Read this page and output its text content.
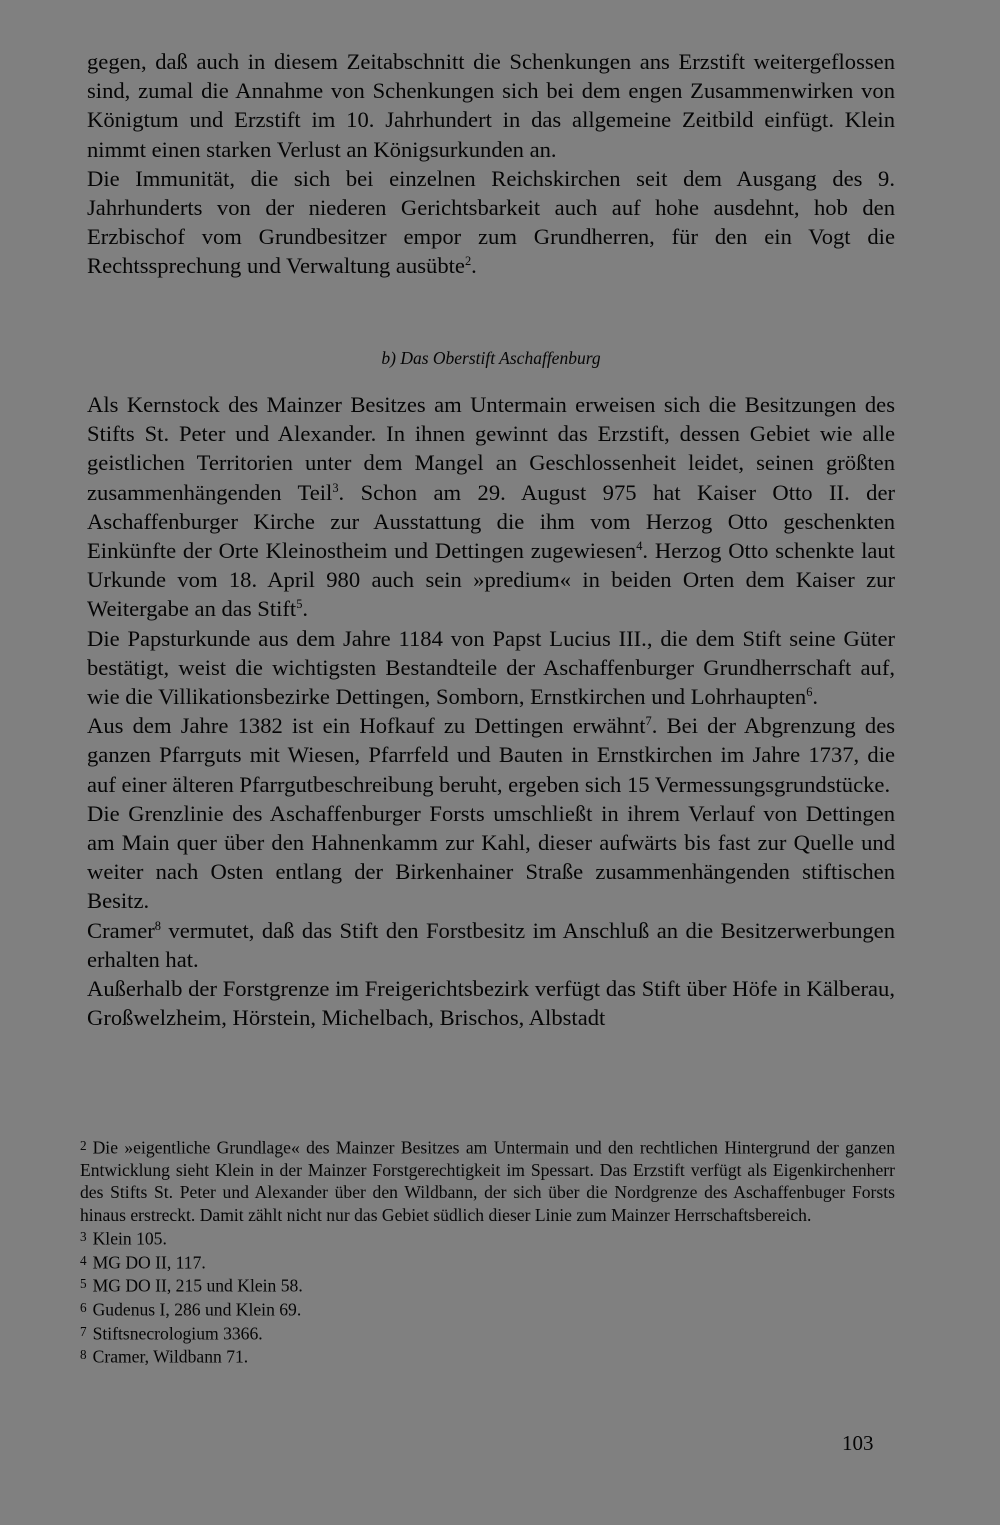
gegen, daß auch in diesem Zeitabschnitt die Schenkungen ans Erzstift weitergeflossen sind, zumal die Annahme von Schenkungen sich bei dem engen Zusammenwirken von Königtum und Erzstift im 10. Jahrhundert in das allgemeine Zeitbild einfügt. Klein nimmt einen starken Verlust an Königsurkunden an.

Die Immunität, die sich bei einzelnen Reichskirchen seit dem Ausgang des 9. Jahrhunderts von der niederen Gerichtsbarkeit auch auf hohe ausdehnt, hob den Erzbischof vom Grundbesitzer empor zum Grundherren, für den ein Vogt die Rechtssprechung und Verwaltung ausübte$^2$.

b) Das Oberstift Aschaffenburg

Als Kernstock des Mainzer Besitzes am Untermain erweisen sich die Besitzungen des Stifts St. Peter und Alexander. In ihnen gewinnt das Erzstift, dessen Gebiet wie alle geistlichen Territorien unter dem Mangel an Geschlossenheit leidet, seinen größten zusammenhängenden Teil$^3$. Schon am 29. August 975 hat Kaiser Otto II. der Aschaffenburger Kirche zur Ausstattung die ihm vom Herzog Otto geschenkten Einkünfte der Orte Kleinostheim und Dettingen zugewiesen$^4$. Herzog Otto schenkte laut Urkunde vom 18. April 980 auch sein »predium« in beiden Orten dem Kaiser zur Weitergabe an das Stift$^5$.

Die Papsturkunde aus dem Jahre 1184 von Papst Lucius III., die dem Stift seine Güter bestätigt, weist die wichtigsten Bestandteile der Aschaffenburger Grundherrschaft auf, wie die Villikationsbezirke Dettingen, Somborn, Ernstkirchen und Lohrhaupten$^6$.

Aus dem Jahre 1382 ist ein Hofkauf zu Dettingen erwähnt$^7$. Bei der Abgrenzung des ganzen Pfarrguts mit Wiesen, Pfarrfeld und Bauten in Ernstkirchen im Jahre 1737, die auf einer älteren Pfarrgutbeschreibung beruht, ergeben sich 15 Vermessungsgrundstücke.

Die Grenzlinie des Aschaffenburger Forsts umschließt in ihrem Verlauf von Dettingen am Main quer über den Hahnenkamm zur Kahl, dieser aufwärts bis fast zur Quelle und weiter nach Osten entlang der Birkenhainer Straße zusammenhängenden stiftischen Besitz.

Cramer$^8$ vermutet, daß das Stift den Forstbesitz im Anschluß an die Besitzerwerbungen erhalten hat.

Außerhalb der Forstgrenze im Freigerichtsbezirk verfügt das Stift über Höfe in Kälberau, Großwelzheim, Hörstein, Michelbach, Brischos, Albstadt

2 Die »eigentliche Grundlage« des Mainzer Besitzes am Untermain und den rechtlichen Hintergrund der ganzen Entwicklung sieht Klein in der Mainzer Forstgerechtigkeit im Spessart. Das Erzstift verfügt als Eigenkirchenherr des Stifts St. Peter und Alexander über den Wildbann, der sich über die Nordgrenze des Aschaffenbuger Forsts hinaus erstreckt. Damit zählt nicht nur das Gebiet südlich dieser Linie zum Mainzer Herrschaftsbereich.

3 Klein 105.

4 MG DO II, 117.

5 MG DO II, 215 und Klein 58.

6 Gudenus I, 286 und Klein 69.

7 Stiftsnecrologium 3366.

8 Cramer, Wildbann 71.

103
